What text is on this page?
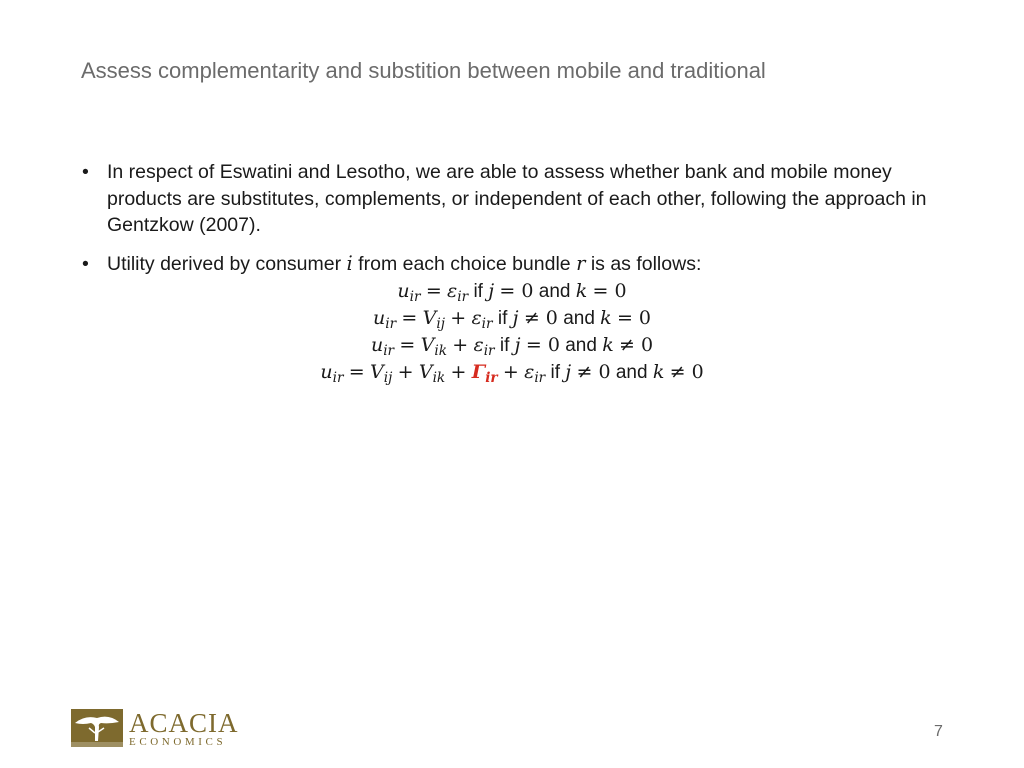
Assess complementarity and substition between mobile and traditional
• In respect of Eswatini and Lesotho, we are able to assess whether bank and mobile money products are substitutes, complements, or independent of each other, following the approach in Gentzkow (2007).
• Utility derived by consumer i from each choice bundle r is as follows:
$u_{ir} = \varepsilon_{ir}$ if j = 0 and k = 0
$u_{ir} = V_{ij} + \varepsilon_{ir}$ if j ≠ 0 and k = 0
$u_{ir} = V_{ik} + \varepsilon_{ir}$ if j = 0 and k ≠ 0
$u_{ir} = V_{ij} + V_{ik} + \Gamma_{ir} + \varepsilon_{ir}$ if j ≠ 0 and k ≠ 0
ACACIA
ECONOMICS
7
